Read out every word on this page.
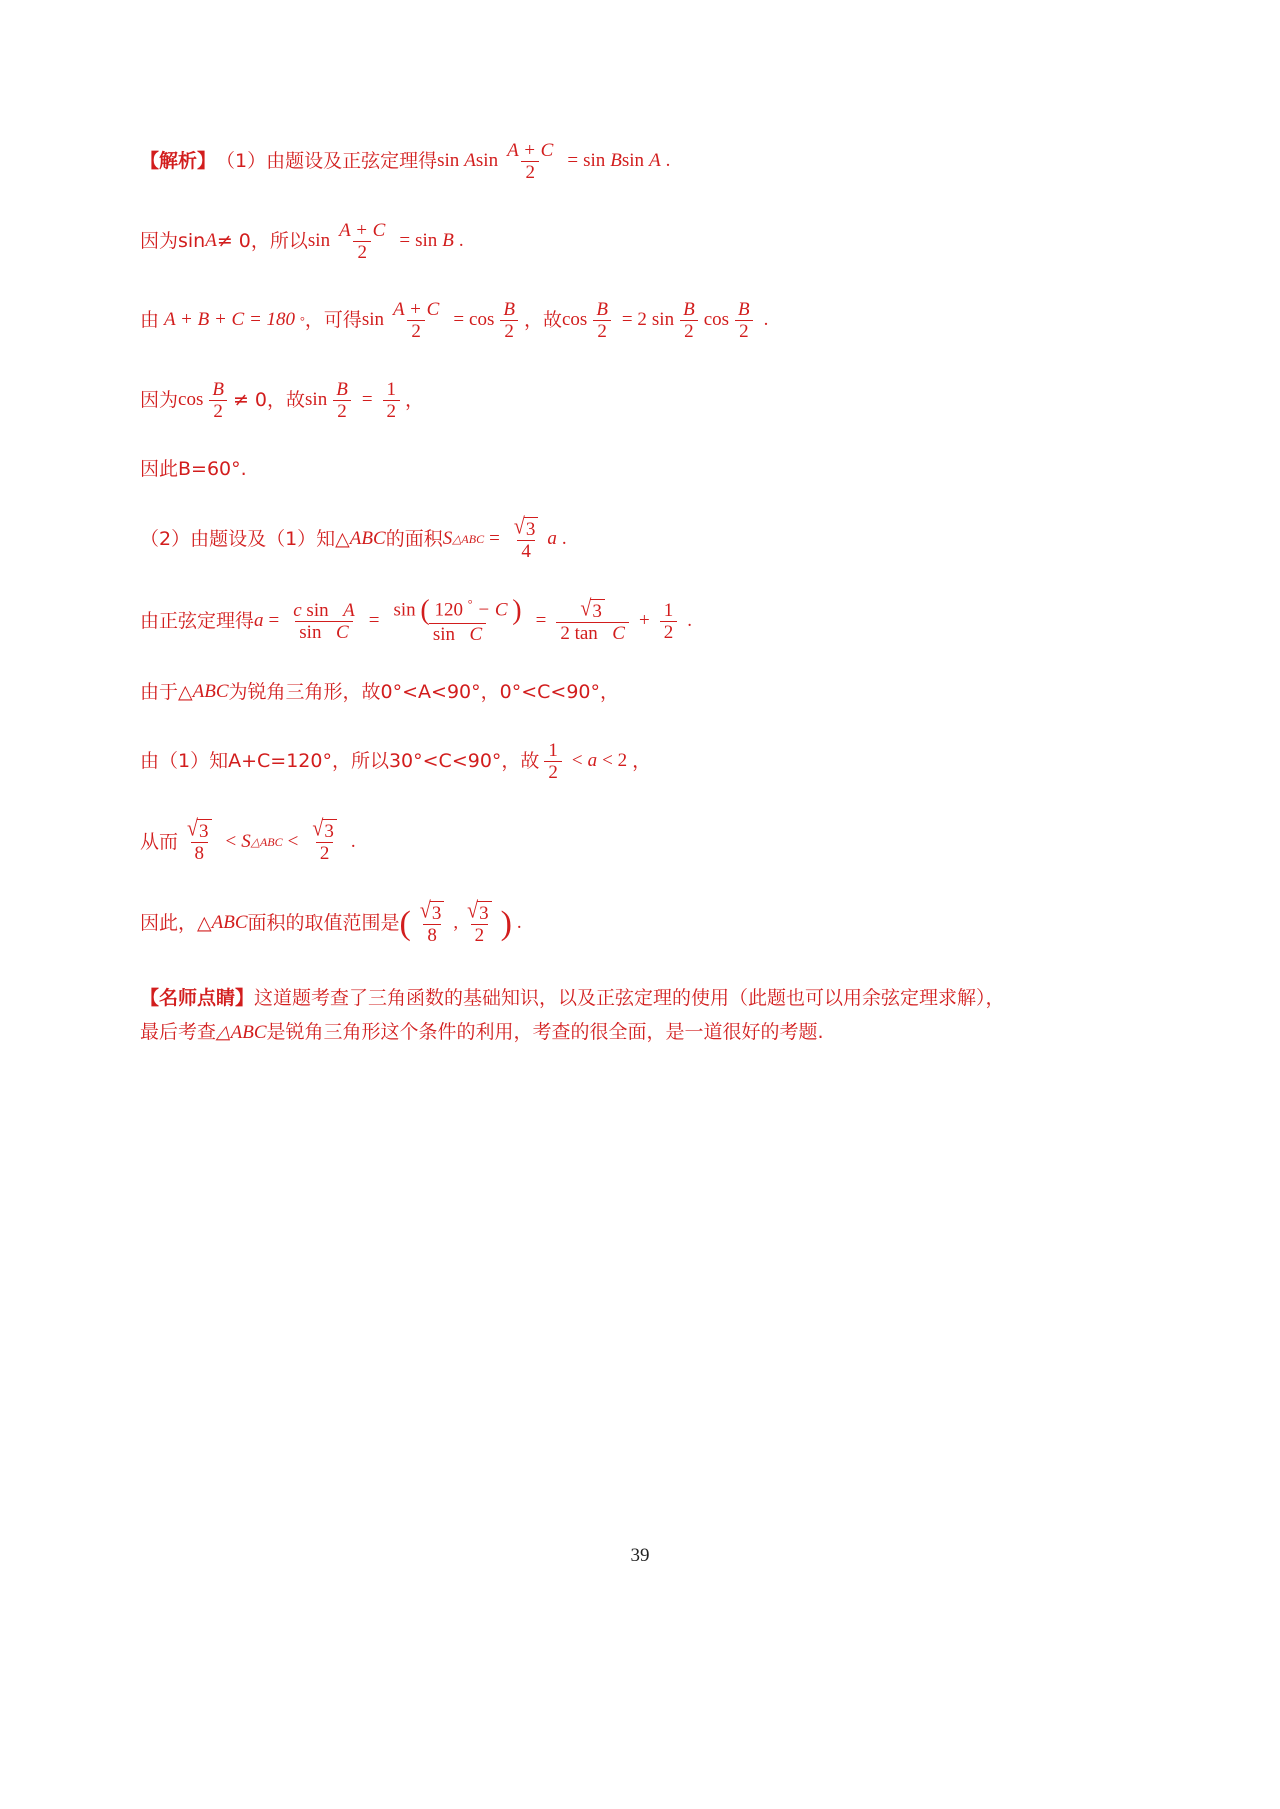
【解析】 （1）由题设及正弦定理得 sin A $\sin \frac{A + C}{2} = \sin B$ sin A .
因为sin A ≠ 0，所以 $\sin \frac{A + C}{2} = \sin B$ .
由 A + B + C = 180 ° ，可得 $\sin \frac{A + C}{2} = \cos \frac{B}{2}$ ，故 $\cos \frac{B}{2} = 2$ $\sin \frac{B}{2}$ $\cos \frac{B}{2}$ .
因为 $\cos \frac{B}{2} \ne 0$，故 $\sin \frac{B}{2} = \frac{1}{2}$ ，
因此B=60°.
（2）由题设及（1）知△ ABC 的面积 S △ABC = $\frac{√ 3}{4}$ a .
由正弦定理得 $a = \frac{\text{c sin A}}{\text{sin C}} = \sin$ ( 120 ° − C )
sin C
= $\frac{√ 3}{\text{2 tan C}} + \frac{1}{2}$ .
由于△ ABC 为锐角三角形，故0°<A<90°，0°<C<90°，
由（1）知A+C=120°，所以30°<C<90°，故 $\frac{1}{2} < a < 2$ ，
从而 $\frac{√ 3}{8} < S$ △ABC < $\frac{√ 3}{2}$ .
因此，△ ABC 面积的取值范围是 ( $\frac{√ 3}{8}$ , $\frac{√ 3}{2}$ ) .
【名师点睛】这道题考查了三角函数的基础知识，以及正弦定理的使用（此题也可以用余弦定理求解），
最后考查△ABC是锐角三角形这个条件的利用，考查的很全面，是一道很好的考题.
39
